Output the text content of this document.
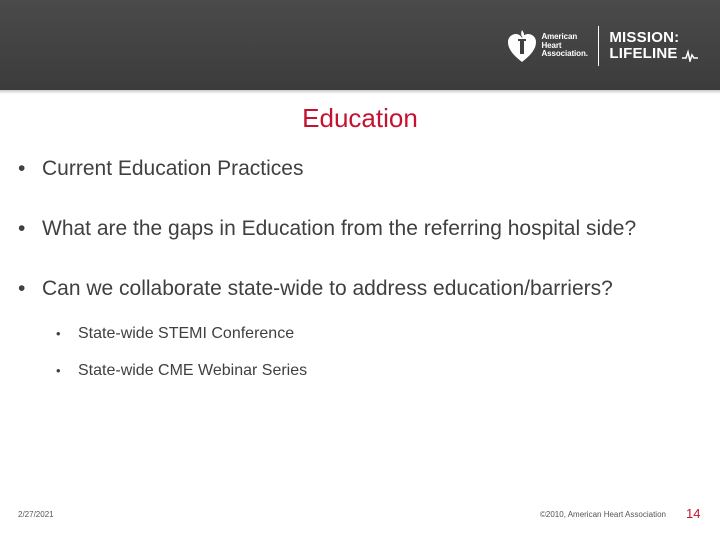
American
Heart
Association.
MISSION:
LIFELINE
Education
• Current Education Practices
• What are the gaps in Education from the referring hospital side?
• Can we collaborate state-wide to address education/barriers?
• State-wide STEMI Conference
• State-wide CME Webinar Series
2/27/2021	©2010, American Heart Association 14
